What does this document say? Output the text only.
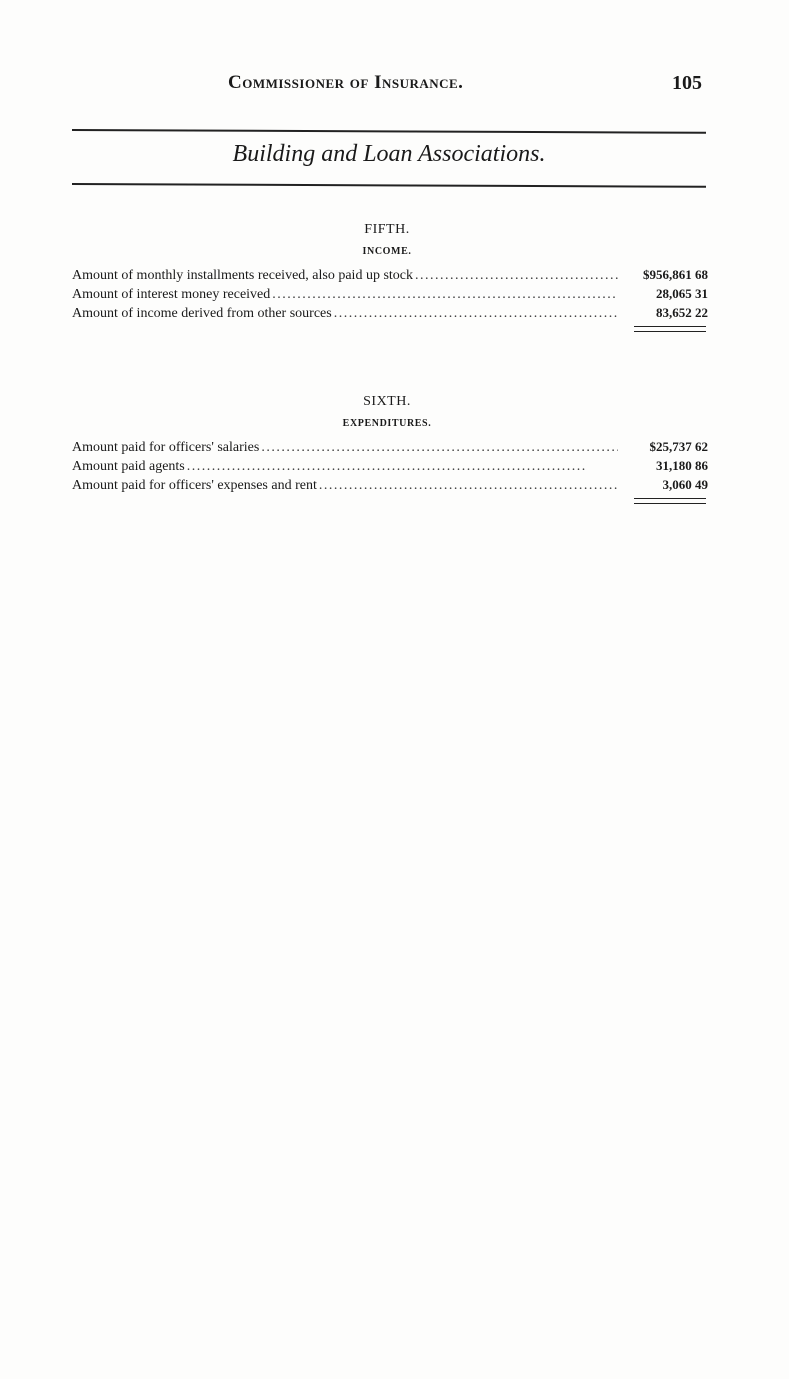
Commissioner of Insurance.	105
Building and Loan Associations.
FIFTH.
INCOME.
Amount of monthly installments received, also paid up stock . . .	$956,861 68
Amount of interest money received . . .	28,065 31
Amount of income derived from other sources . . .	83,652 22
SIXTH.
EXPENDITURES.
Amount paid for officers' salaries . . .	$25,737 62
Amount paid agents . . .	31,180 86
Amount paid for officers' expenses and rent . . .	3,060 49
